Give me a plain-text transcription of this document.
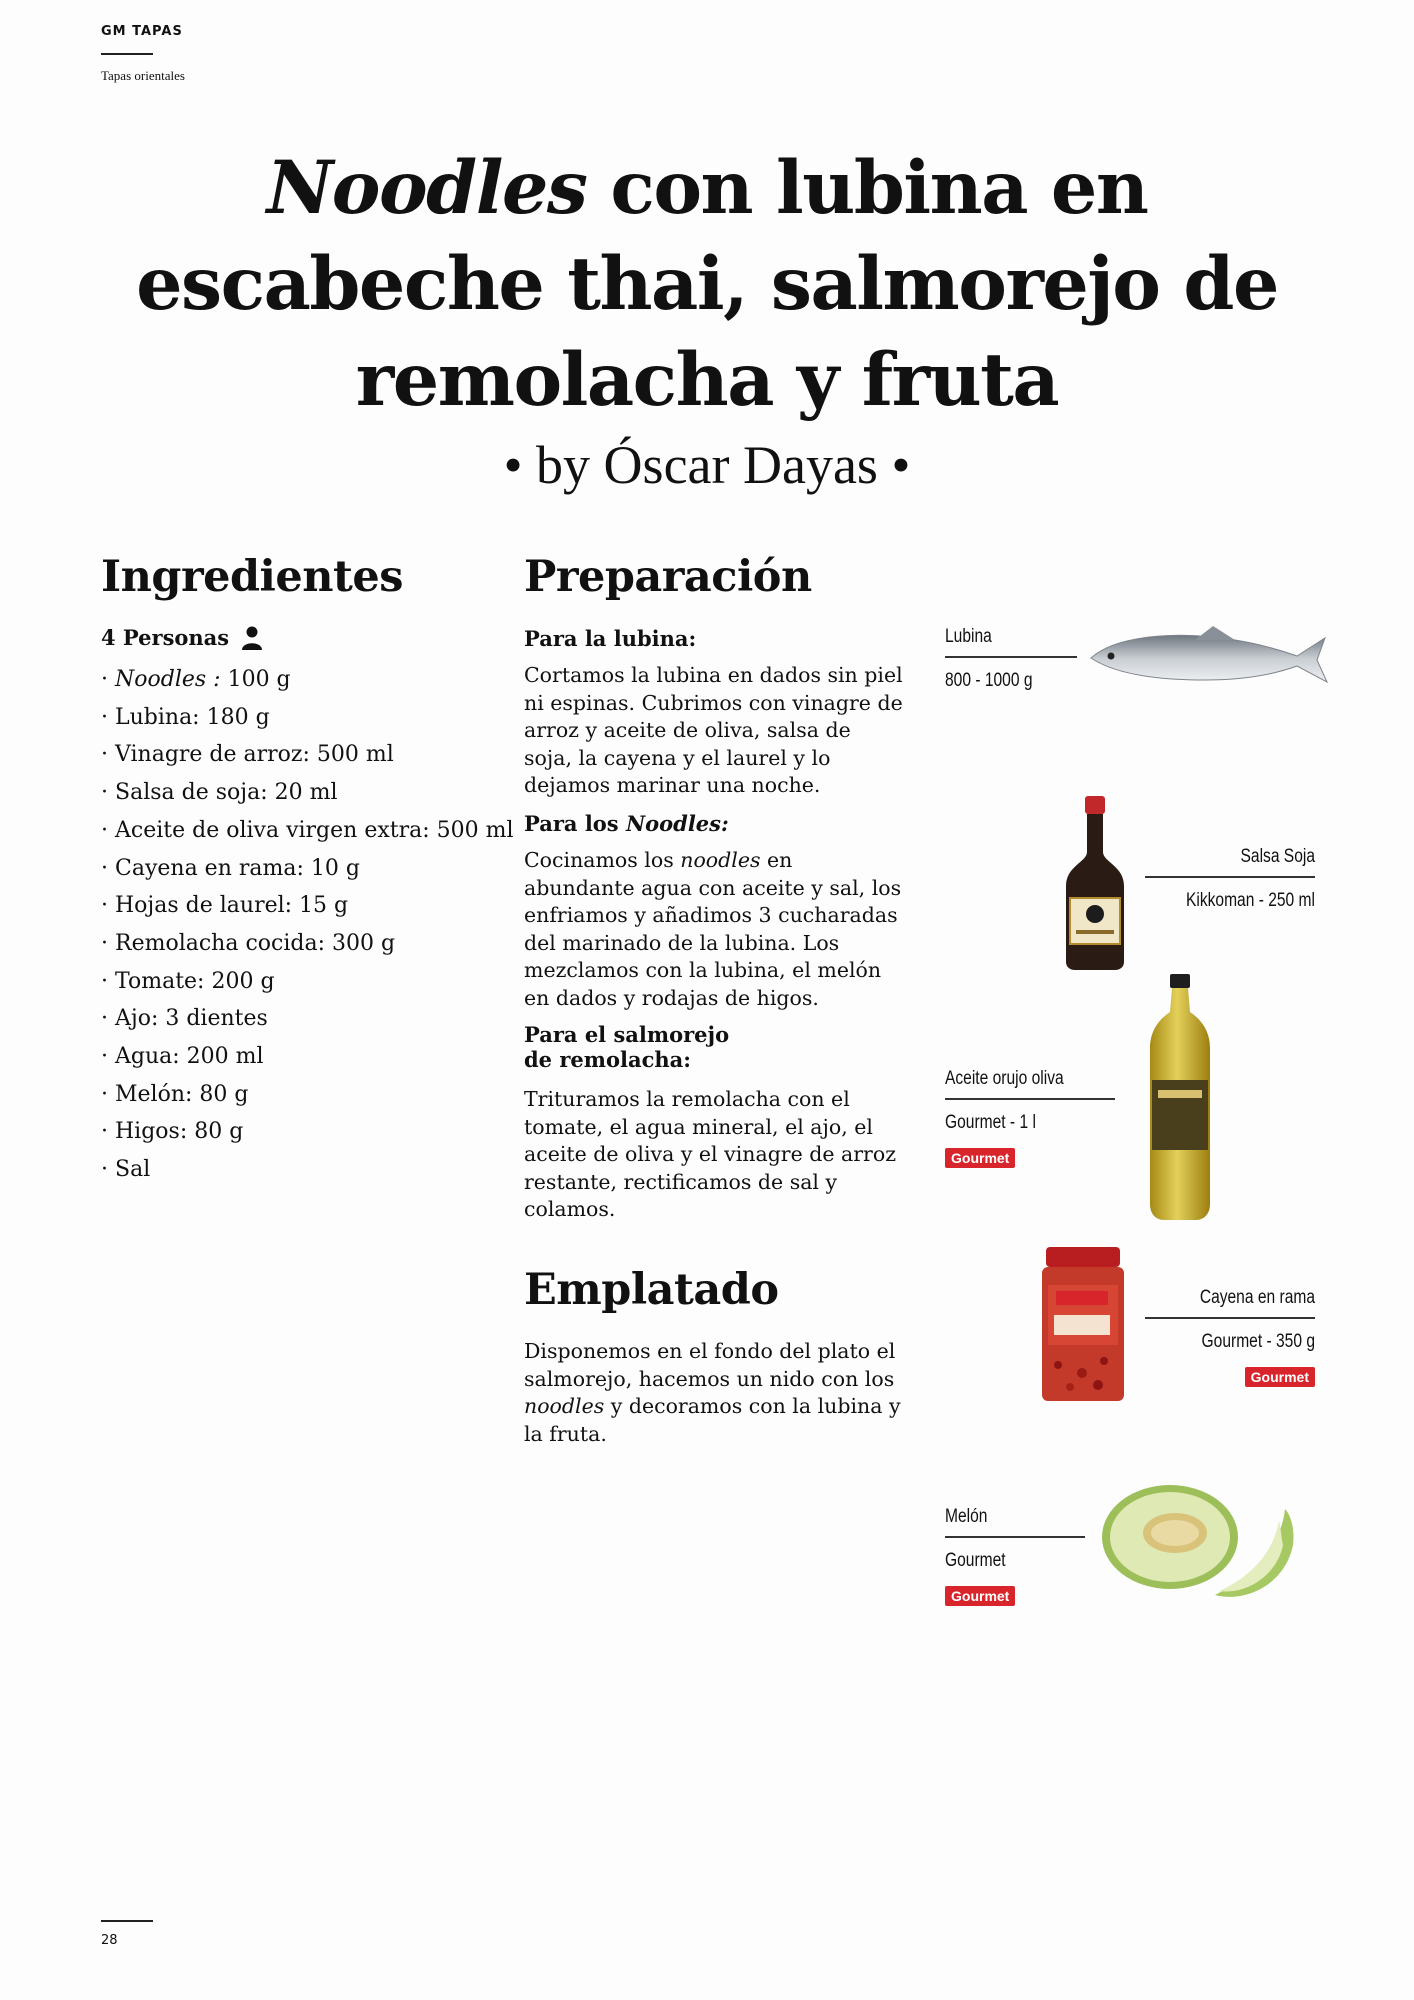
GM TAPAS
Tapas orientales
Noodles con lubina en
escabeche thai, salmorejo de
remolacha y fruta
• by Óscar Dayas •
Ingredientes
4 Personas
· Noodles : 100 g
· Lubina: 180 g
· Vinagre de arroz: 500 ml
· Salsa de soja: 20 ml
· Aceite de oliva virgen extra: 500 ml
· Cayena en rama: 10 g
· Hojas de laurel: 15 g
· Remolacha cocida: 300 g
· Tomate: 200 g
· Ajo: 3 dientes
· Agua: 200 ml
· Melón: 80 g
· Higos: 80 g
· Sal
Preparación
Para la lubina:

Cortamos la lubina en dados sin piel ni espinas. Cubrimos con vinagre de arroz y aceite de oliva, salsa de soja, la cayena y el laurel y lo dejamos marinar una noche.

Para los Noodles:

Cocinamos los noodles en abundante agua con aceite y sal, los enfriamos y añadimos 3 cucharadas del marinado de la lubina. Los mezclamos con la lubina, el melón en dados y rodajas de higos.

Para el salmorejo
de remolacha:

Trituramos la remolacha con el tomate, el agua mineral, el ajo, el aceite de oliva y el vinagre de arroz restante, rectificamos de sal y colamos.

Emplatado

Disponemos en el fondo del plato el salmorejo, hacemos un nido con los noodles y decoramos con la lubina y la fruta.

Lubina
800 - 1000 g
Salsa Soja
Kikkoman - 250 ml
Aceite orujo oliva
Gourmet - 1 l
Gourmet
Cayena en rama
Gourmet - 350 g
Gourmet
Melón
Gourmet
Gourmet
28
